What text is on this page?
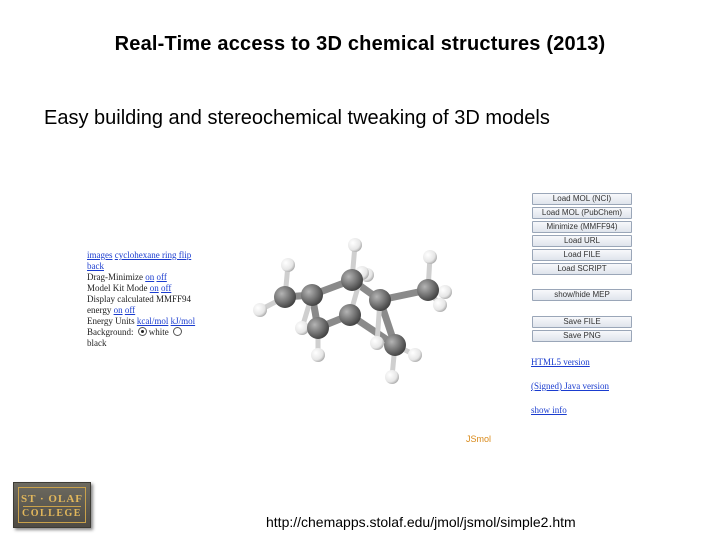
Real-Time access to 3D chemical structures (2013)
Easy building and stereochemical tweaking of 3D models
images cyclohexane ring flip
back
Drag-Minimize on off
Model Kit Mode on off
Display calculated MMFF94
energy on off
Energy Units kcal/mol kJ/mol
Background: white
black
JSmol
Load MOL (NCI)
Load MOL (PubChem)
Minimize (MMFF94)
Load URL
Load FILE
Load SCRIPT
show/hide MEP
Save FILE
Save PNG
HTML5 version
(Signed) Java version
show info
ST · OLAF
COLLEGE
http://chemapps.stolaf.edu/jmol/jsmol/simple2.htm
